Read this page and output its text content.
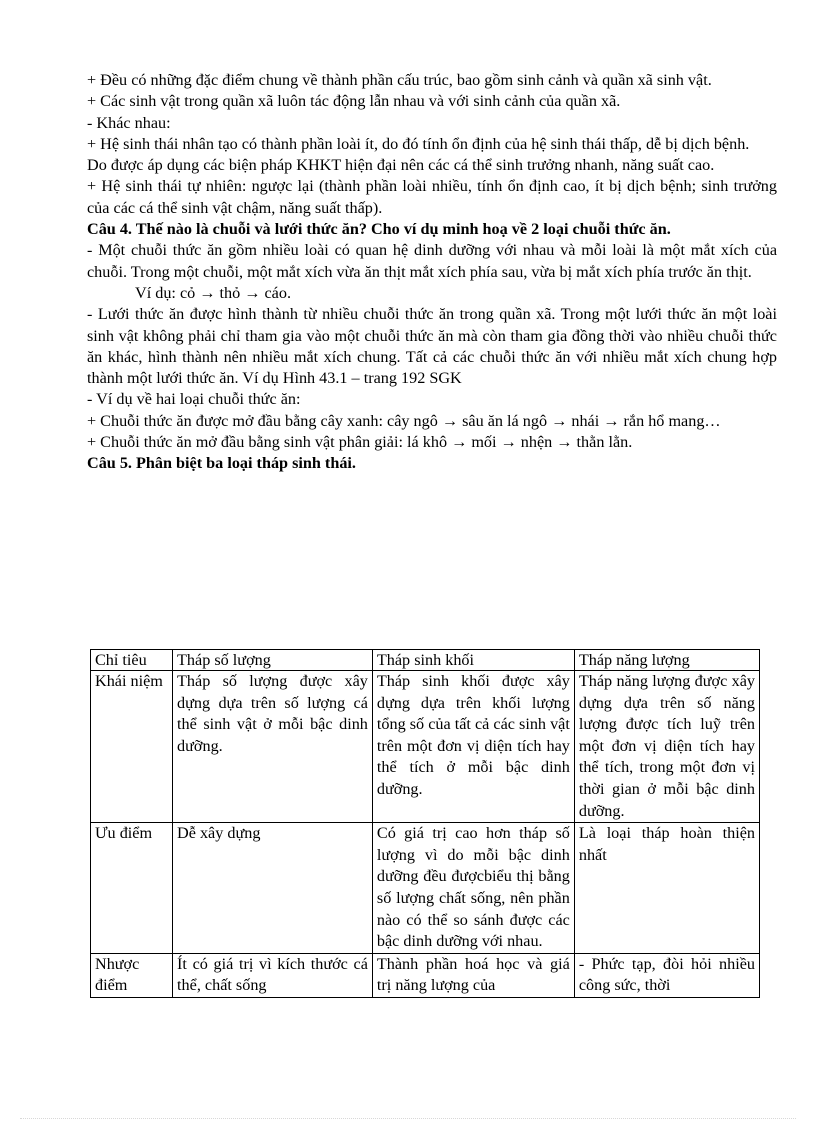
+ Đều có những đặc điểm chung về thành phần cấu trúc, bao gồm sinh cảnh và quần xã sinh vật.

+ Các sinh vật trong quần xã luôn tác động lẫn nhau và với sinh cảnh của quần xã.

- Khác nhau:

+ Hệ sinh thái nhân tạo có thành phần loài ít, do đó tính ổn định của hệ sinh thái thấp, dễ bị dịch bệnh.

Do được áp dụng các biện pháp KHKT hiện đại nên các cá thể sinh trưởng nhanh, năng suất cao.

+ Hệ sinh thái tự nhiên: ngược lại (thành phần loài nhiều, tính ổn định cao, ít bị dịch bệnh; sinh trưởng của các cá thể sinh vật chậm, năng suất thấp).

Câu 4. Thế nào là chuỗi và lưới thức ăn? Cho ví dụ minh hoạ về 2 loại chuỗi thức ăn.

- Một chuỗi thức ăn gồm nhiều loài có quan hệ dinh dưỡng với nhau và mỗi loài là một mắt xích của chuỗi. Trong một chuỗi, một mắt xích vừa ăn thịt mắt xích phía sau, vừa bị mắt xích phía trước ăn thịt.

Ví dụ: cỏ → thỏ → cáo.

- Lưới thức ăn được hình thành từ nhiều chuỗi thức ăn trong quần xã. Trong một lưới thức ăn một loài sinh vật không phải chỉ tham gia vào một chuỗi thức ăn mà còn tham gia đồng thời vào nhiều chuỗi thức ăn khác, hình thành nên nhiều mắt xích chung. Tất cả các chuỗi thức ăn với nhiều mắt xích chung hợp thành một lưới thức ăn. Ví dụ Hình 43.1 – trang 192 SGK

- Ví dụ về hai loại chuỗi thức ăn:

+ Chuỗi thức ăn được mở đầu bằng cây xanh: cây ngô → sâu ăn lá ngô → nhái → rắn hổ mang…

+ Chuỗi thức ăn mở đầu bằng sinh vật phân giải: lá khô → mối → nhện → thằn lằn.

Câu 5. Phân biệt ba loại tháp sinh thái.

Chỉ tiêu	Tháp số lượng	Tháp sinh khối	Tháp năng lượng
Khái niệm	Tháp số lượng được xây dựng dựa trên số lượng cá thể sinh vật ở mỗi bậc dinh dưỡng.	Tháp sinh khối được xây dựng dựa trên khối lượng tổng số của tất cả các sinh vật trên một đơn vị diện tích hay thể tích ở mỗi bậc dinh dưỡng.	Tháp năng lượng được xây dựng dựa trên số năng lượng được tích luỹ trên một đơn vị diện tích hay thể tích, trong một đơn vị thời gian ở mỗi bậc dinh dưỡng.
Ưu điểm	Dễ xây dựng	Có giá trị cao hơn tháp số lượng vì do mỗi bậc dinh dưỡng đều đượcbiểu thị bằng số lượng chất sống, nên phần nào có thể so sánh được các bậc dinh dưỡng với nhau.	Là loại tháp hoàn thiện nhất
Nhược điểm	Ít có giá trị vì kích thước cá thể, chất sống	Thành phần hoá học và giá trị năng lượng của	- Phức tạp, đòi hỏi nhiều công sức, thời
